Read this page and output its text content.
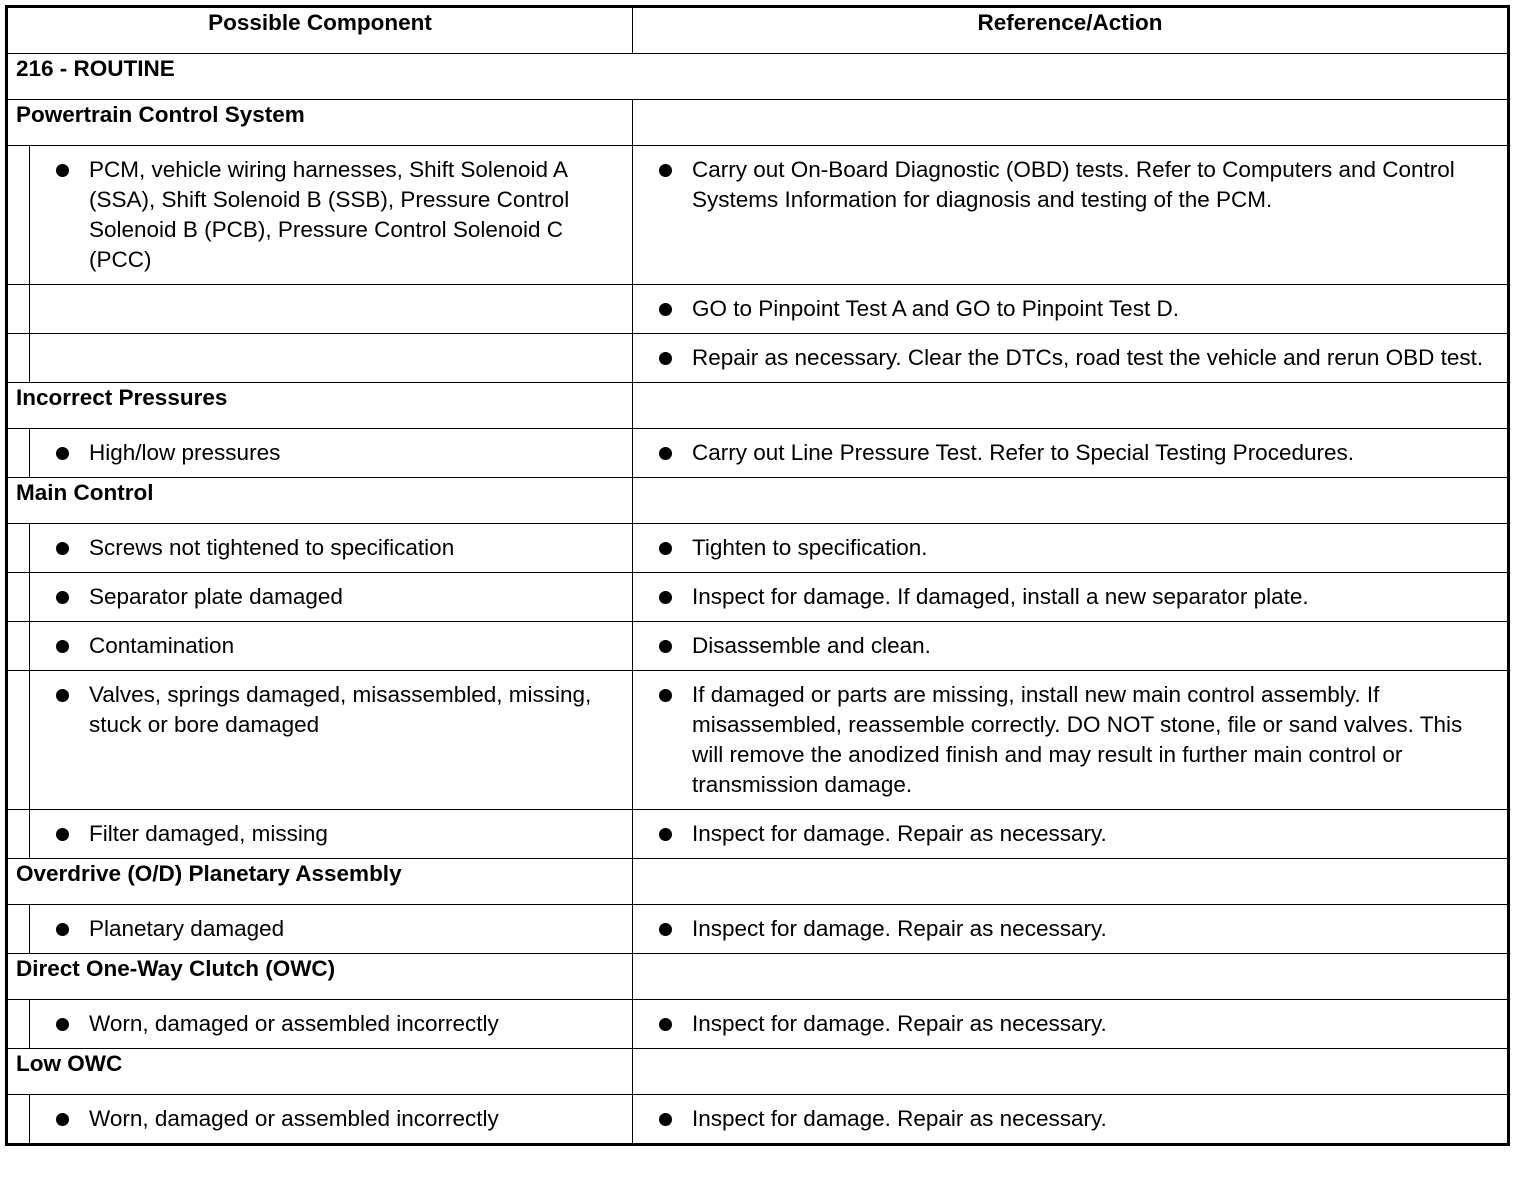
Possible Component		Reference/Action
216 - ROUTINE		
Powertrain Control System		

	PCM, vehicle wiring harnesses, Shift Solenoid A (SSA), Shift Solenoid B (SSB), Pressure Control Solenoid B (PCB), Pressure Control Solenoid C (PCC)	Carry out On-Board Diagnostic (OBD) tests. Refer to Computers and Control Systems Information for diagnosis and testing of the PCM.

		GO to Pinpoint Test A and GO to Pinpoint Test D.

		Repair as necessary. Clear the DTCs, road test the vehicle and rerun OBD test.

Incorrect Pressures		

	High/low pressures	Carry out Line Pressure Test. Refer to Special Testing Procedures.

Main Control		

	Screws not tightened to specification	Tighten to specification.

	Separator plate damaged	Inspect for damage. If damaged, install a new separator plate.

	Contamination	Disassemble and clean.

	Valves, springs damaged, misassembled, missing, stuck or bore damaged	If damaged or parts are missing, install new main control assembly. If misassembled, reassemble correctly. DO NOT stone, file or sand valves. This will remove the anodized finish and may result in further main control or transmission damage.

	Filter damaged, missing	Inspect for damage. Repair as necessary.

Overdrive (O/D) Planetary Assembly		

	Planetary damaged	Inspect for damage. Repair as necessary.

Direct One-Way Clutch (OWC)		

	Worn, damaged or assembled incorrectly	Inspect for damage. Repair as necessary.

Low OWC		

	Worn, damaged or assembled incorrectly	Inspect for damage. Repair as necessary.
